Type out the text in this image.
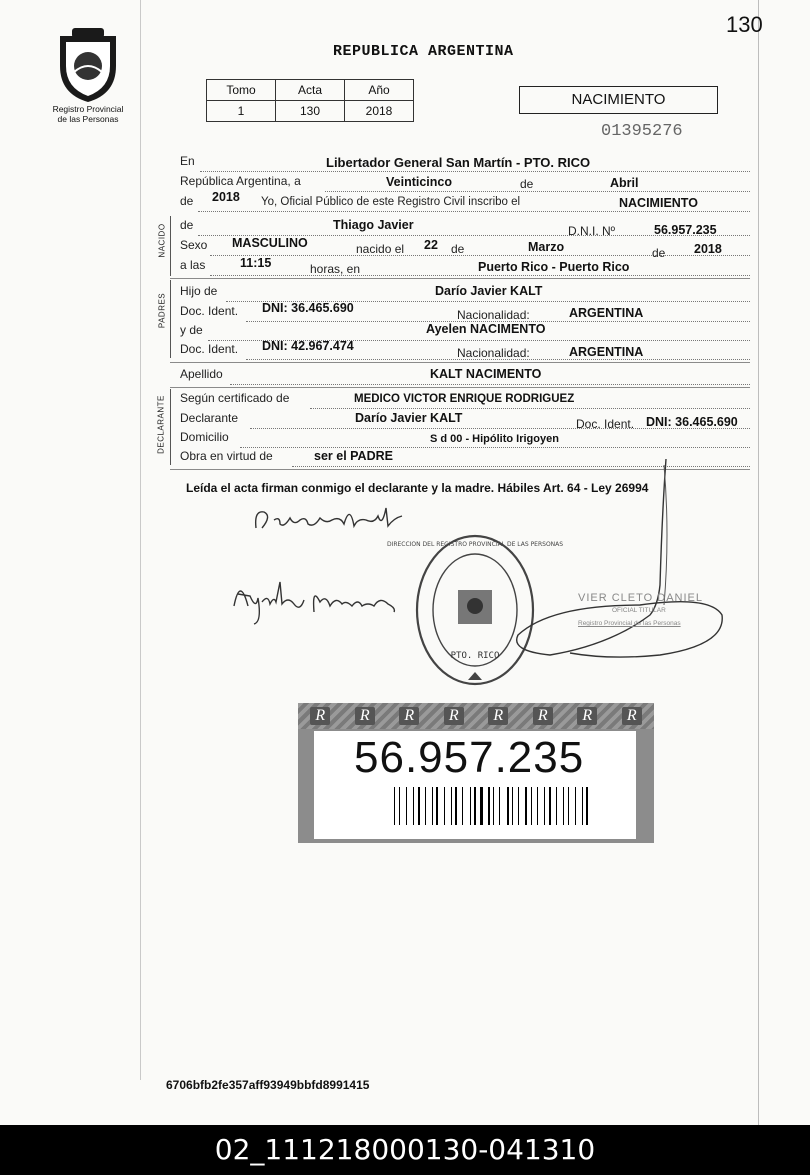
130
Registro Provincial
de las Personas
REPUBLICA ARGENTINA
Tomo	Acta	Año
1	130	2018
NACIMIENTO
01395276
En	Libertador General San Martín - PTO. RICO
República Argentina, a	Veinticinco	de	Abril
de 2018 Yo, Oficial Público de este Registro Civil inscribo el	NACIMIENTO
NACIDO de	Thiago Javier	D.N.I. Nº	56.957.235
Sexo MASCULINO	nacido el 22 de	Marzo	de 2018
a las	11:15	horas, en	Puerto Rico - Puerto Rico
PADRES
Hijo de	Darío Javier KALT
Doc. Ident. DNI: 36.465.690	Nacionalidad:	ARGENTINA
y de	Ayelen NACIMENTO
Doc. Ident. DNI: 42.967.474	Nacionalidad:	ARGENTINA
Apellido	KALT NACIMENTO
DECLARANTE Según certificado de	MEDICO VICTOR ENRIQUE RODRIGUEZ
Declarante	Darío Javier KALT	Doc. Ident. DNI: 36.465.690
Domicilio	S d 00 - Hipólito Irigoyen
Obra en virtud de	ser el PADRE
Leída el acta firman conmigo el declarante y la madre. Hábiles Art. 64 - Ley 26994
PTO. RICO
DIRECCION DEL REGISTRO PROVINCIAL DE LAS PERSONAS
VIER CLETO DANIEL
OFICIAL TITULAR
Registro Provincial de las Personas
R	R	R	R	R	R	R	R
56.957.235
6706bfb2fe357aff93949bbfd8991415
02_111218000130-041310
